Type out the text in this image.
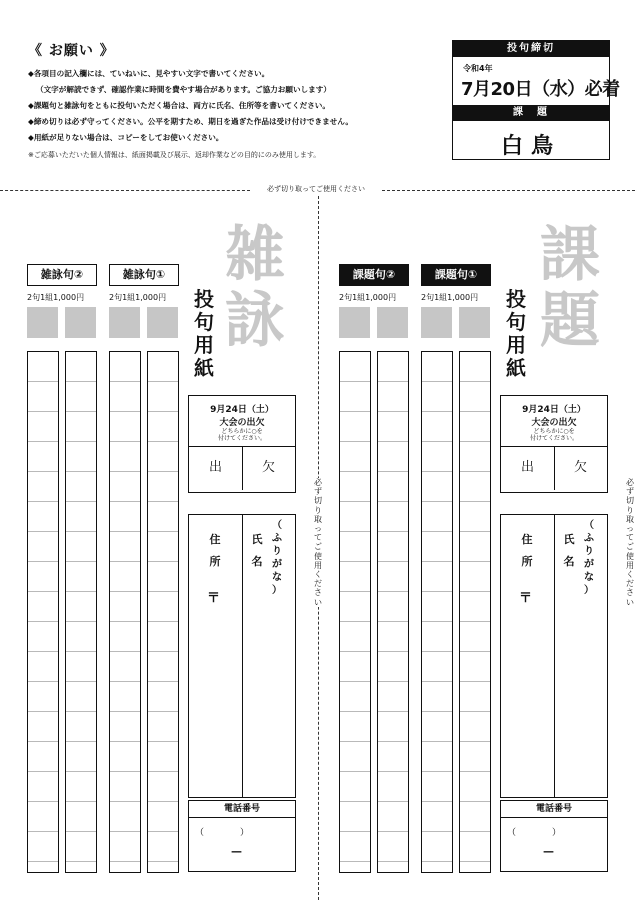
《 お願い 》
◆各項目の記入欄には、ていねいに、見やすい文字で書いてください。
（文字が解読できず、確認作業に時間を費やす場合があります。ご協力お願いします）
◆課題句と雑詠句をともに投句いただく場合は、両方に氏名、住所等を書いてください。
◆締め切りは必ず守ってください。公平を期すため、期日を過ぎた作品は受け付けできません。
◆用紙が足りない場合は、コピーをしてお使いください。
※ご応募いただいた個人情報は、紙面掲載及び展示、返却作業などの目的にのみ使用します。
投句締切
令和4年
7月20日（水）必着
課　題
白鳥
必ず切り取ってご使用ください
必
ず
切
り
取
っ
て
ご
使
用
く
だ
さ
い
必
ず
切
り
取
っ
て
ご
使
用
く
だ
さ
い
雑詠句②	雑詠句①
2句1組1,000円	2句1組1,000円
雑
詠
投
句
用
紙
9月24日（土）
大会の出欠
どちらかに○を
付けてください。
出	欠
住
所
氏
名
（
ふ
り
が
な
）
〒
電話番号
（　　　　）
—
課題句②	課題句①
2句1組1,000円	2句1組1,000円
課
題
投
句
用
紙
9月24日（土）
大会の出欠
どちらかに○を
付けてください。
出	欠
住
所
氏
名
（
ふ
り
が
な
）
〒
電話番号
（　　　　）
—
